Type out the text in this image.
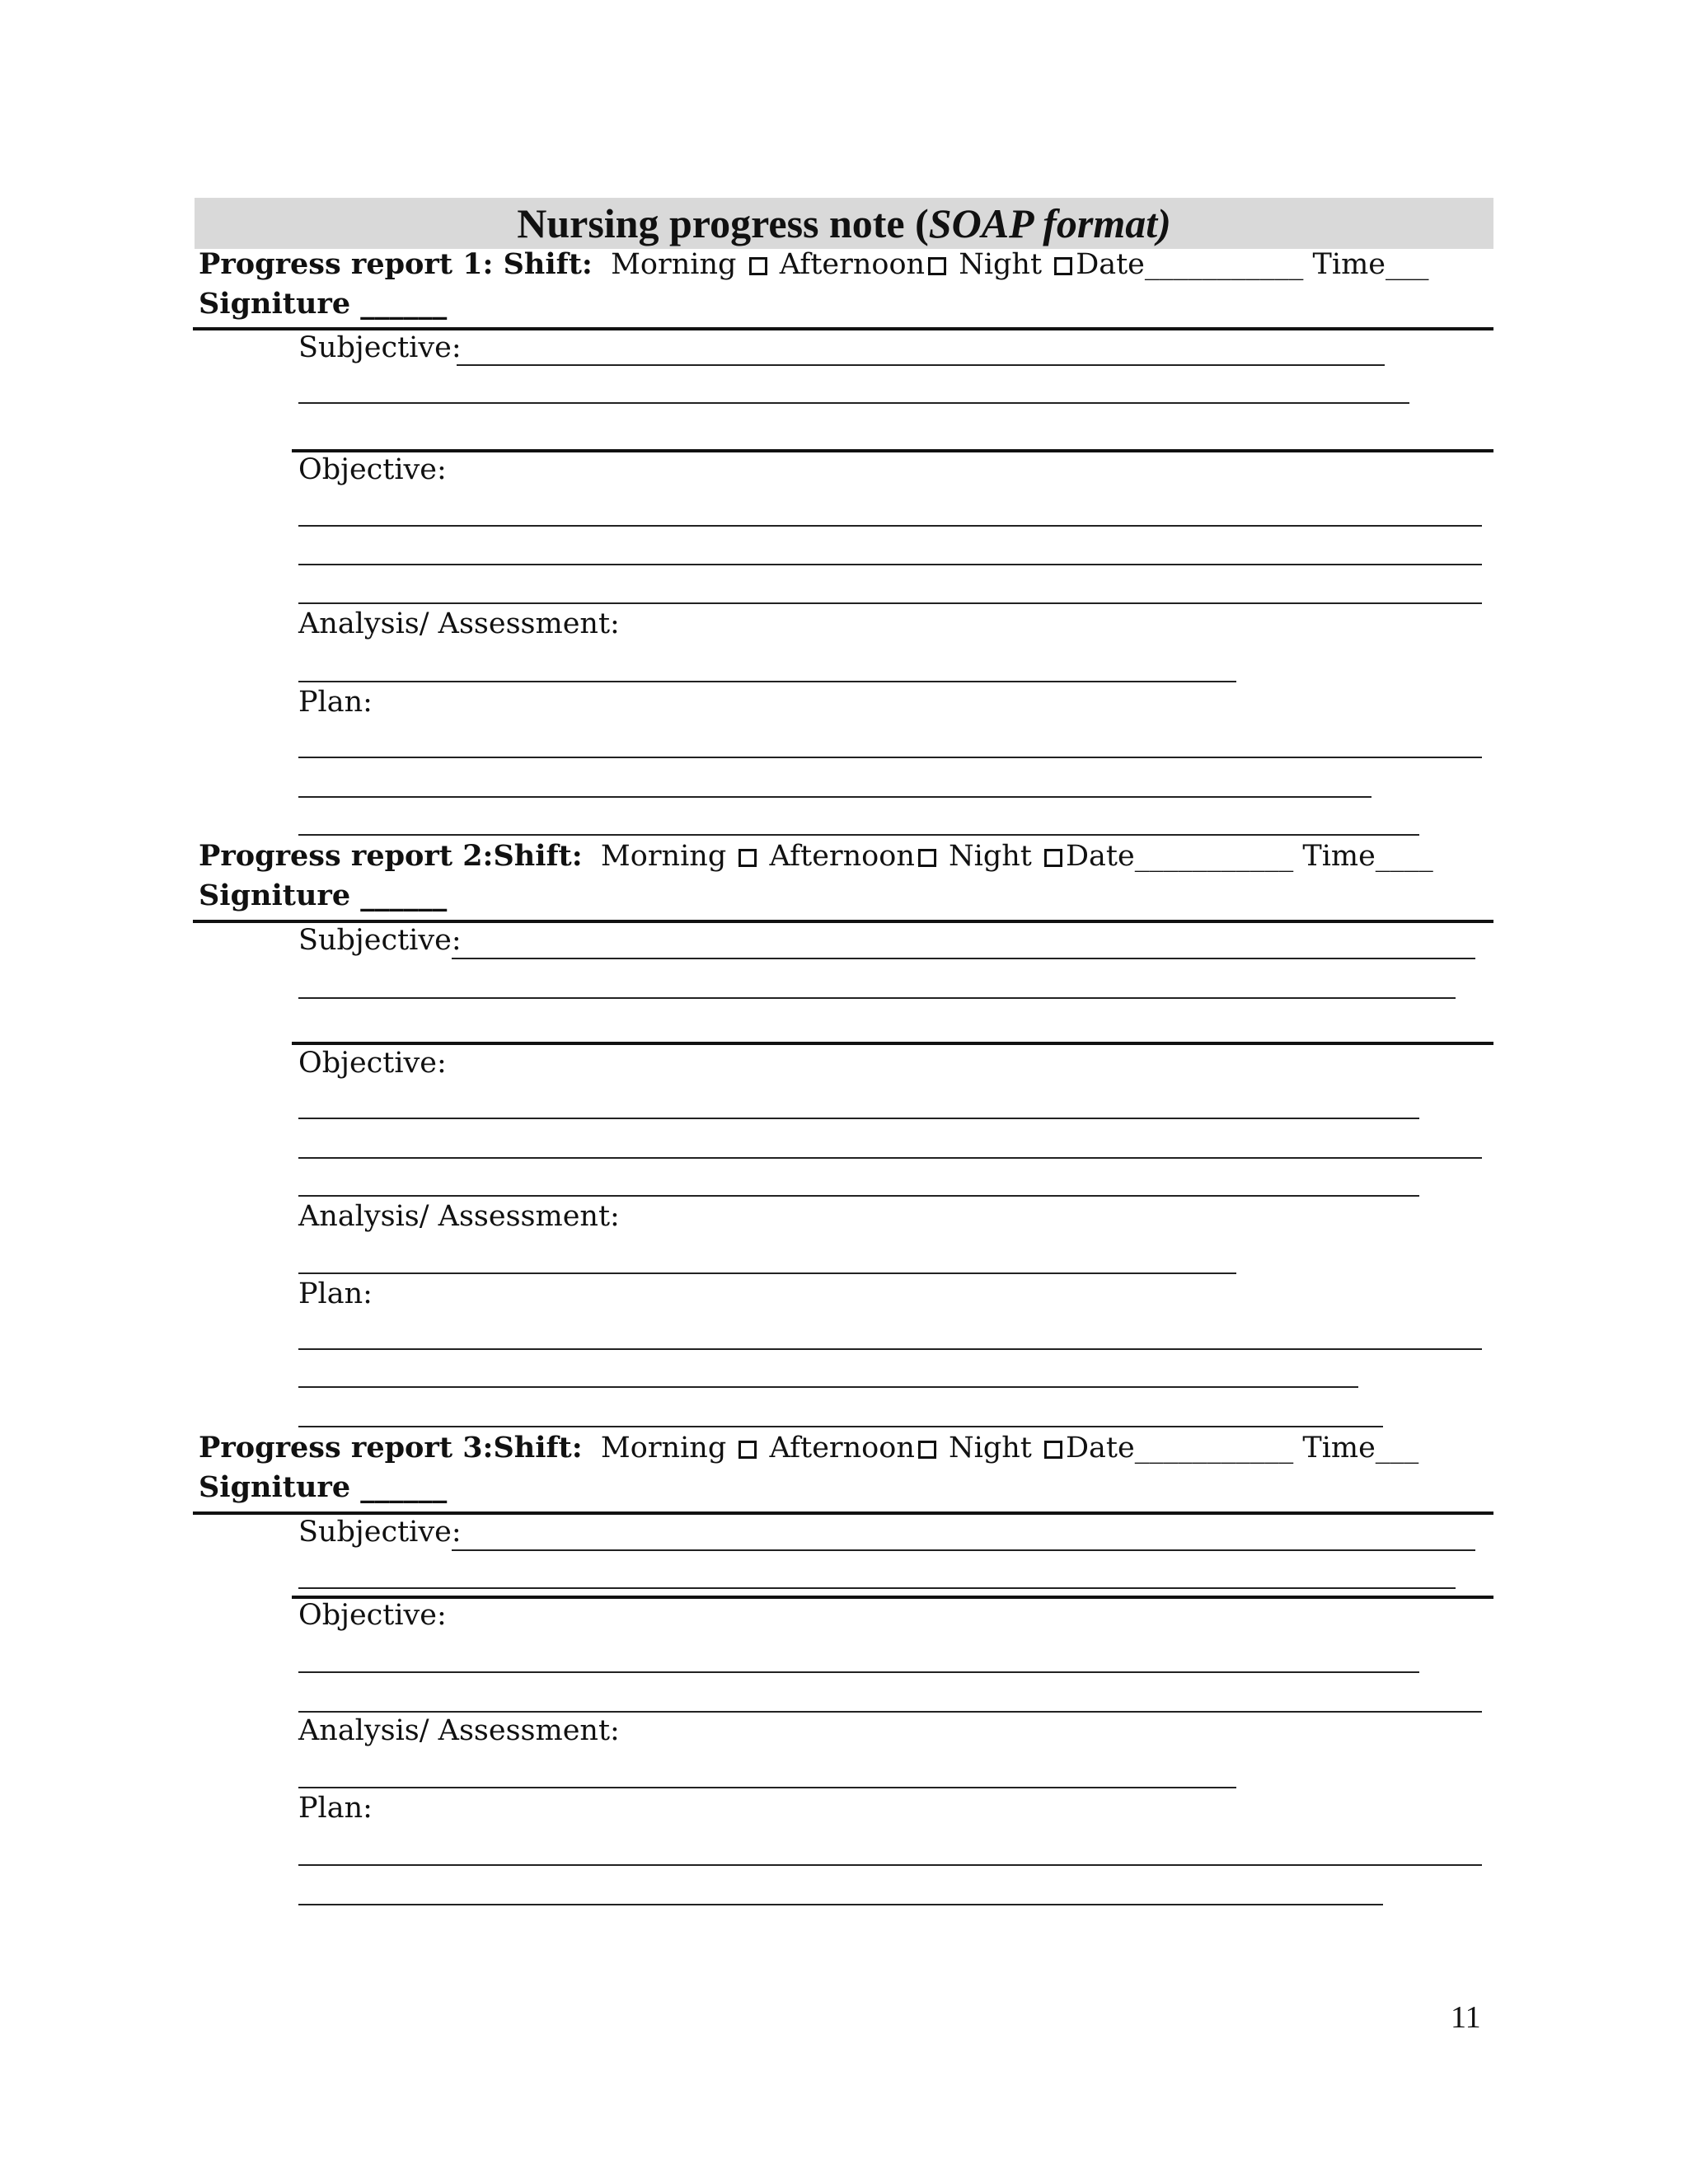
Nursing progress note (SOAP format)
Progress report 1: Shift: Morning Afternoon Night Date___________ Time___
Signiture ______
Subjective:
Objective:
Analysis/ Assessment:
Plan:
Progress report 2:Shift: Morning Afternoon Night Date___________ Time____
Signiture ______
Subjective:
Objective:
Analysis/ Assessment:
Plan:
Progress report 3:Shift: Morning Afternoon Night Date___________ Time___
Signiture ______
Subjective:
Objective:
Analysis/ Assessment:
Plan:
11
